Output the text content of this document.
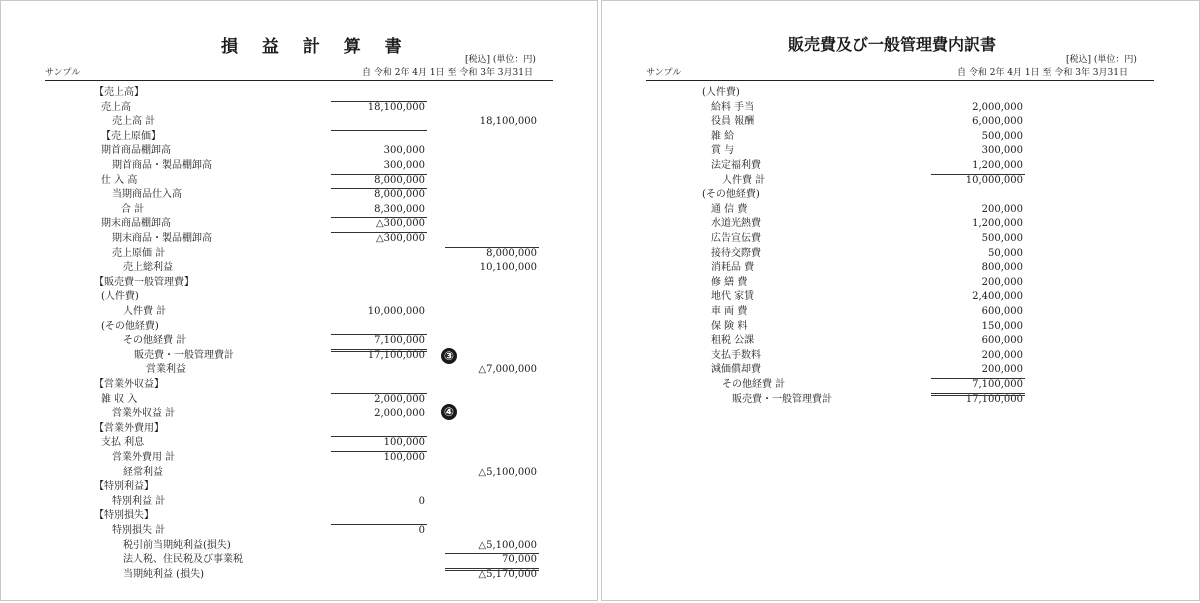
損 益 計 算 書
[税込] (単位：円)
サンプル	自 令和 2年 4月 1日 至 令和 3年 3月31日
【売上高】
売上高	18,100,000
売上高 計	18,100,000
【売上原価】
期首商品棚卸高	300,000
期首商品・製品棚卸高	300,000
仕 入 高	8,000,000
当期商品仕入高	8,000,000
合 計	8,300,000
期末商品棚卸高	△300,000
期末商品・製品棚卸高	△300,000
売上原価 計	8,000,000
売上総利益	10,100,000
【販売費一般管理費】
(人件費)
人件費 計	10,000,000
(その他経費)
その他経費 計	7,100,000
販売費・一般管理費計	17,100,000
営業利益	△7,000,000
【営業外収益】
雑 収 入	2,000,000
営業外収益 計	2,000,000
【営業外費用】
支払 利息	100,000
営業外費用 計	100,000
経常利益	△5,100,000
【特別利益】
特別利益 計	0
【特別損失】
特別損失 計	0
税引前当期純利益(損失)	△5,100,000
法人税、住民税及び事業税	70,000
当期純利益 (損失)	△5,170,000
③
④
販売費及び一般管理費内訳書
[税込] (単位：円)
サンプル	自 令和 2年 4月 1日 至 令和 3年 3月31日
(人件費)
給料 手当	2,000,000
役員 報酬	6,000,000
雑 給	500,000
賞 与	300,000
法定福利費	1,200,000
人件費 計	10,000,000
(その他経費)
通 信 費	200,000
水道光熱費	1,200,000
広告宣伝費	500,000
接待交際費	50,000
消耗品 費	800,000
修 繕 費	200,000
地代 家賃	2,400,000
車 両 費	600,000
保 険 料	150,000
租税 公課	600,000
支払手数料	200,000
減価償却費	200,000
その他経費 計	7,100,000
販売費・一般管理費計	17,100,000
